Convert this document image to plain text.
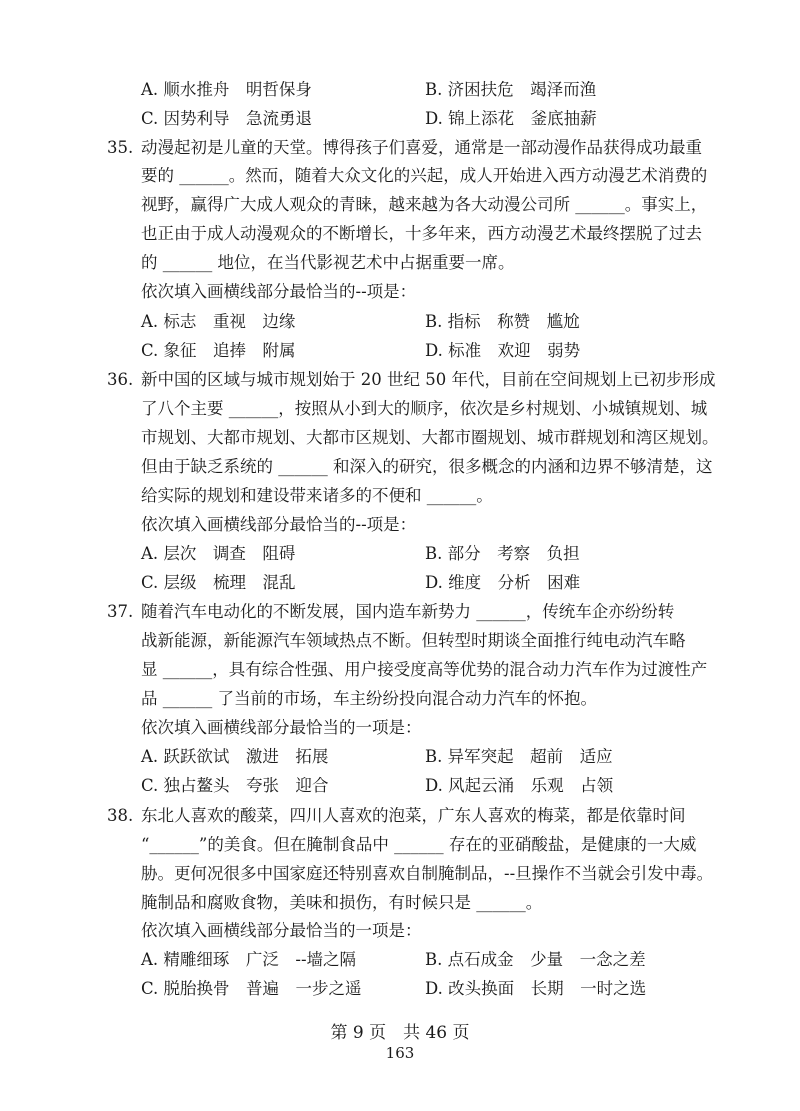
A. 顺水推舟　明哲保身	B. 济困扶危　竭泽而渔
C. 因势利导　急流勇退	D. 锦上添花　釜底抽薪
35. 动漫起初是儿童的天堂。博得孩子们喜爱，通常是一部动漫作品获得成功最重
要的 ______。然而，随着大众文化的兴起，成人开始进入西方动漫艺术消费的
视野，赢得广大成人观众的青睐，越来越为各大动漫公司所 ______。事实上，
也正由于成人动漫观众的不断增长，十多年来，西方动漫艺术最终摆脱了过去
的 ______ 地位，在当代影视艺术中占据重要一席。
依次填入画横线部分最恰当的--项是：
A. 标志　重视　边缘	B. 指标　称赞　尴尬
C. 象征　追捧　附属	D. 标准　欢迎　弱势
36. 新中国的区域与城市规划始于 20 世纪 50 年代，目前在空间规划上已初步形成
了八个主要 ______，按照从小到大的顺序，依次是乡村规划、小城镇规划、城
市规划、大都市规划、大都市区规划、大都市圈规划、城市群规划和湾区规划。
但由于缺乏系统的 ______ 和深入的研究，很多概念的内涵和边界不够清楚，这
给实际的规划和建设带来诸多的不便和 ______。
依次填入画横线部分最恰当的--项是：
A. 层次　调查　阻碍	B. 部分　考察　负担
C. 层级　梳理　混乱	D. 维度　分析　困难
37. 随着汽车电动化的不断发展，国内造车新势力 ______，传统车企亦纷纷转
战新能源，新能源汽车领域热点不断。但转型时期谈全面推行纯电动汽车略
显 ______，具有综合性强、用户接受度高等优势的混合动力汽车作为过渡性产
品 ______ 了当前的市场，车主纷纷投向混合动力汽车的怀抱。
依次填入画横线部分最恰当的一项是：
A. 跃跃欲试　激进　拓展	B. 异军突起　超前　适应
C. 独占鳌头　夸张　迎合	D. 风起云涌　乐观　占领
38. 东北人喜欢的酸菜，四川人喜欢的泡菜，广东人喜欢的梅菜，都是依靠时间
“______”的美食。但在腌制食品中 ______ 存在的亚硝酸盐，是健康的一大威
胁。更何况很多中国家庭还特别喜欢自制腌制品，--旦操作不当就会引发中毒。
腌制品和腐败食物，美味和损伤，有时候只是 ______。
依次填入画横线部分最恰当的一项是：
A. 精雕细琢　广泛　--墙之隔	B. 点石成金　少量　一念之差
C. 脱胎换骨　普遍　一步之遥	D. 改头换面　长期　一时之选
第 9 页　共 46 页
163
